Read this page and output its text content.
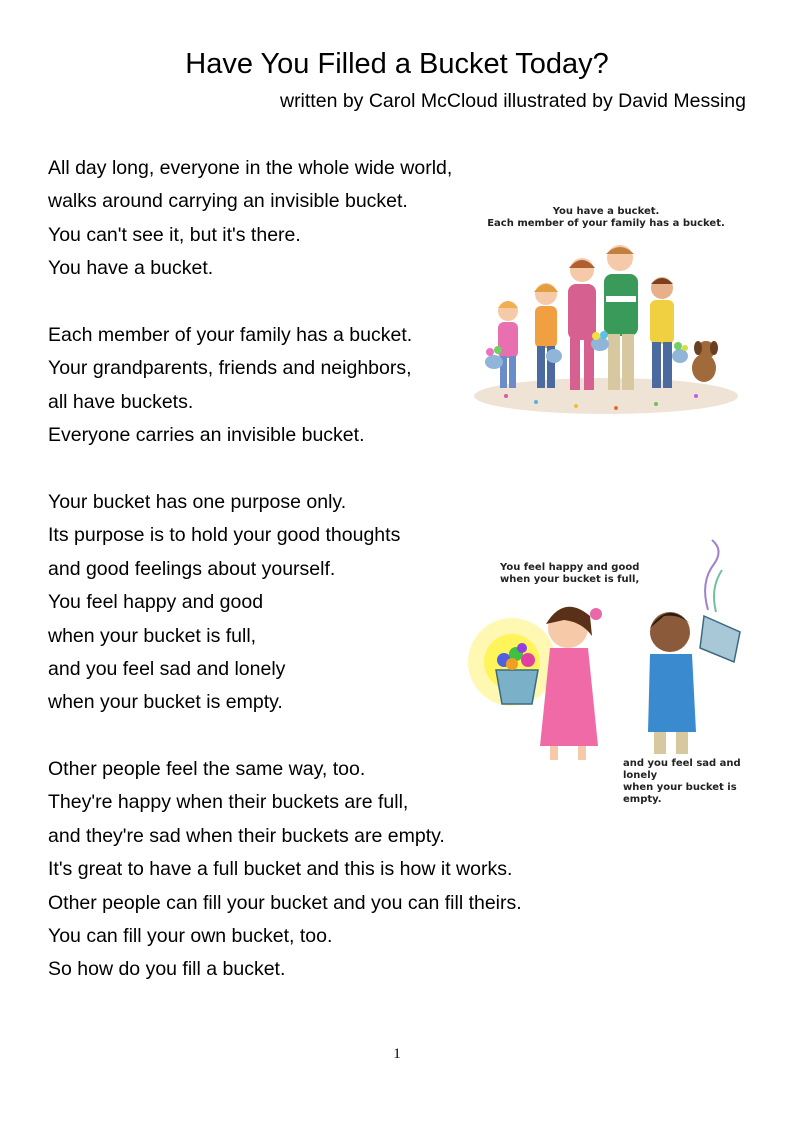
Have You Filled a Bucket Today?
written by Carol McCloud illustrated by David Messing
All day long, everyone in the whole wide world,
walks around carrying an invisible bucket.
You can't see it, but it's there.
You have a bucket.
Each member of your family has a bucket.
Your grandparents, friends and neighbors,
all have buckets.
Everyone carries an invisible bucket.
Your bucket has one purpose only.
Its purpose is to hold your good thoughts
and good feelings about yourself.
You feel happy and good
when your bucket is full,
and you feel sad and lonely
when your bucket is empty.
Other people feel the same way, too.
They're happy when their buckets are full,
and they're sad when their buckets are empty.
It's great to have a full bucket and this is how it works.
Other people can fill your bucket and you can fill theirs.
You can fill your own bucket, too.
So how do you fill a bucket.
You have a bucket.
Each member of your family has a bucket.
You feel happy and good
when your bucket is full,
and you feel sad and lonely
when your bucket is empty.
1
